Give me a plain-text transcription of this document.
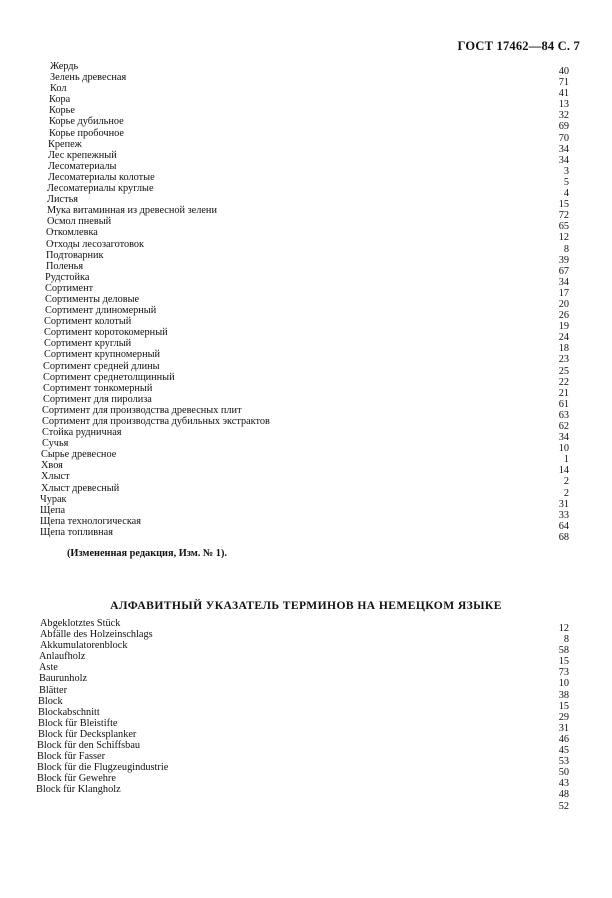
ГОСТ 17462—84 С. 7
Жердь	40
Зелень древесная	71
Кол	41
Кора	13
Корье	32
Корье дубильное	69
Корье пробочное	70
Крепеж	34
Лес крепежный	34
Лесоматериалы	3
Лесоматериалы колотые	5
Лесоматериалы круглые	4
Листья	15
Мука витаминная из древесной зелени	72
Осмол пневый	65
Откомлевка	12
Отходы лесозаготовок	8
Подтоварник	39
Поленья	67
Рудстойка	34
Сортимент	17
Сортименты деловые	20
Сортимент длиномерный	26
Сортимент колотый	19
Сортимент коротокомерный	24
Сортимент круглый	18
Сортимент крупномерный	23
Сортимент средней длины	25
Сортимент среднетолщинный	22
Сортимент тонкомерный	21
Сортимент для пиролиза	61
Сортимент для производства древесных плит	63
Сортимент для производства дубильных экстрактов	62
Стойка рудничная	34
Сучья	10
Сырье древесное	1
Хвоя	14
Хлыст	2
Хлыст древесный	2
Чурак	31
Щепа	33
Щепа технологическая	64
Щепа топливная	68
(Измененная редакция, Изм. № 1).
АЛФАВИТНЫЙ УКАЗАТЕЛЬ ТЕРМИНОВ НА НЕМЕЦКОМ ЯЗЫКЕ
Abgeklotztes Stück	12
Abfälle des Holzeinschlags	8
Akkumulatorenblock	58
Anlaufholz	15
Aste	73
Baurunholz	10
Blätter	38
Block	15
Blockabschnitt	29
Block für Bleistifte	31
Block für Decksplanker	46
Block für den Schiffsbau	45
Block für Fasser	53
Block für die Flugzeugindustrie	50
Block für Gewehre	43
Block für Klangholz	48
52
